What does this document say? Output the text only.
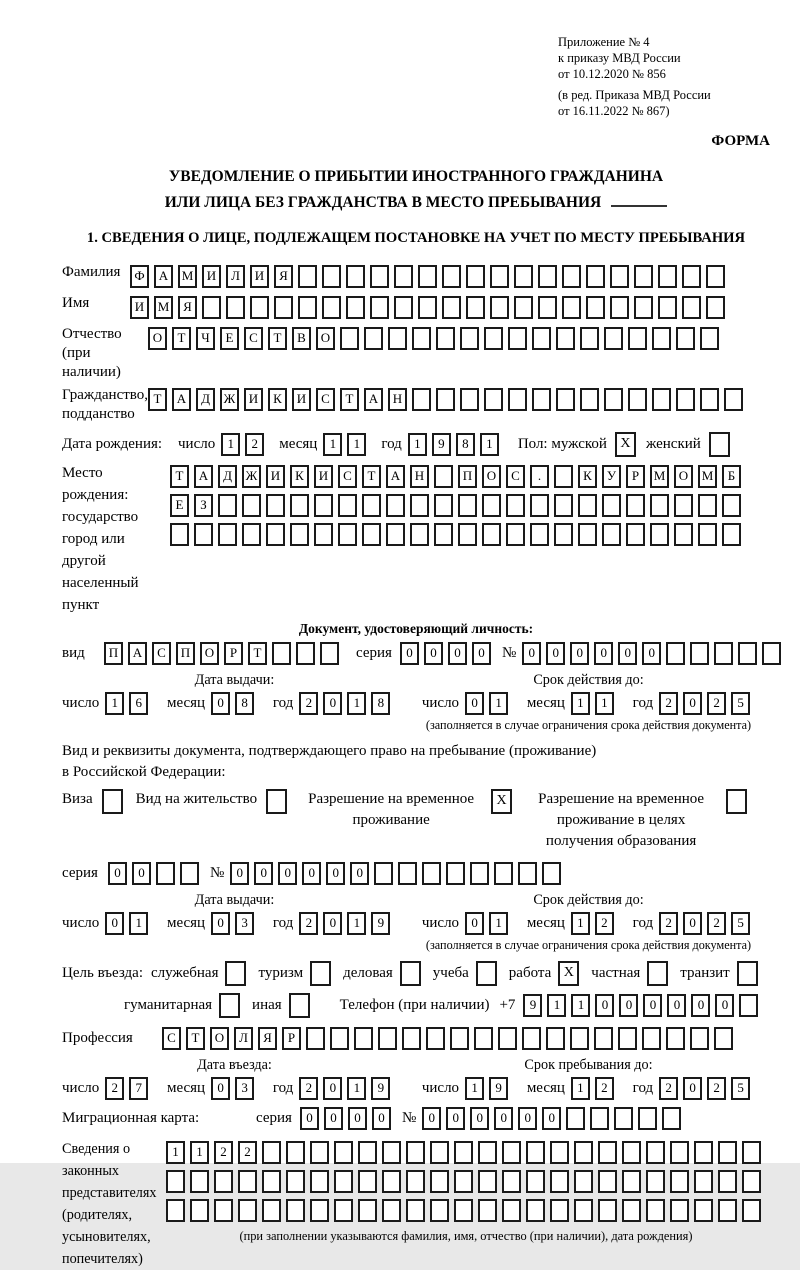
Приложение № 4
к приказу МВД России
от 10.12.2020 № 856
(в ред. Приказа МВД России
от 16.11.2022 № 867)
ФОРМА
УВЕДОМЛЕНИЕ О ПРИБЫТИИ ИНОСТРАННОГО ГРАЖДАНИНА
ИЛИ ЛИЦА БЕЗ ГРАЖДАНСТВА В МЕСТО ПРЕБЫВАНИЯ
1. СВЕДЕНИЯ О ЛИЦЕ, ПОДЛЕЖАЩЕМ ПОСТАНОВКЕ НА УЧЕТ ПО МЕСТУ ПРЕБЫВАНИЯ
Фамилия	Ф А М И Л И Я
Имя	И М Я
Отчество
(при наличии)
О Т Ч Е С Т В О
Гражданство,
подданство
Т А Д Ж И К И С Т А Н
Дата рождения:	число 1 2	месяц 1 1	год 1 9 8 1	Пол: мужской X женский
Место рождения:
государство
город или другой
населенный пункт
Т А Д Ж И К И С Т А Н	П О С .	К У Р М О М Б
Е З
Документ, удостоверяющий личность:
вид	П А С П О Р Т	серия	0 0 0 0	№ 0 0 0 0 0 0
Дата выдачи:
число 1 6 месяц 0 8 год 2 0 1 8
Срок действия до:
число 0 1 месяц 1 1 год 2 0 2 5
(заполняется в случае ограничения срока действия документа)
Вид и реквизиты документа, подтверждающего право на пребывание (проживание)
в Российской Федерации:
Виза	Вид на жительство	Разрешение на временное
проживание
X	Разрешение на временное
проживание в целях
получения образования
серия	0 0	№ 0 0 0 0 0 0
Дата выдачи:
число 0 1 месяц 0 3 год 2 0 1 9
Срок действия до:
число 0 1 месяц 1 2 год 2 0 2 5
(заполняется в случае ограничения срока действия документа)
Цель въезда: служебная	туризм	деловая	учеба	работа X	частная	транзит
гуманитарная	иная	Телефон (при наличии) +7	9 1 1 0 0 0 0 0 0
Профессия	С Т О Л Я Р
Дата въезда:
число 2 7 месяц 0 3 год 2 0 1 9
Срок пребывания до:
число 1 9 месяц 1 2 год 2 0 2 5
Миграционная карта:	серия	0 0 0 0	№ 0 0 0 0 0 0
Сведения о
законных
представителях
(родителях,
усыновителях,
попечителях)
1 1 2 2
(при заполнении указываются фамилия, имя, отчество (при наличии), дата рождения)
